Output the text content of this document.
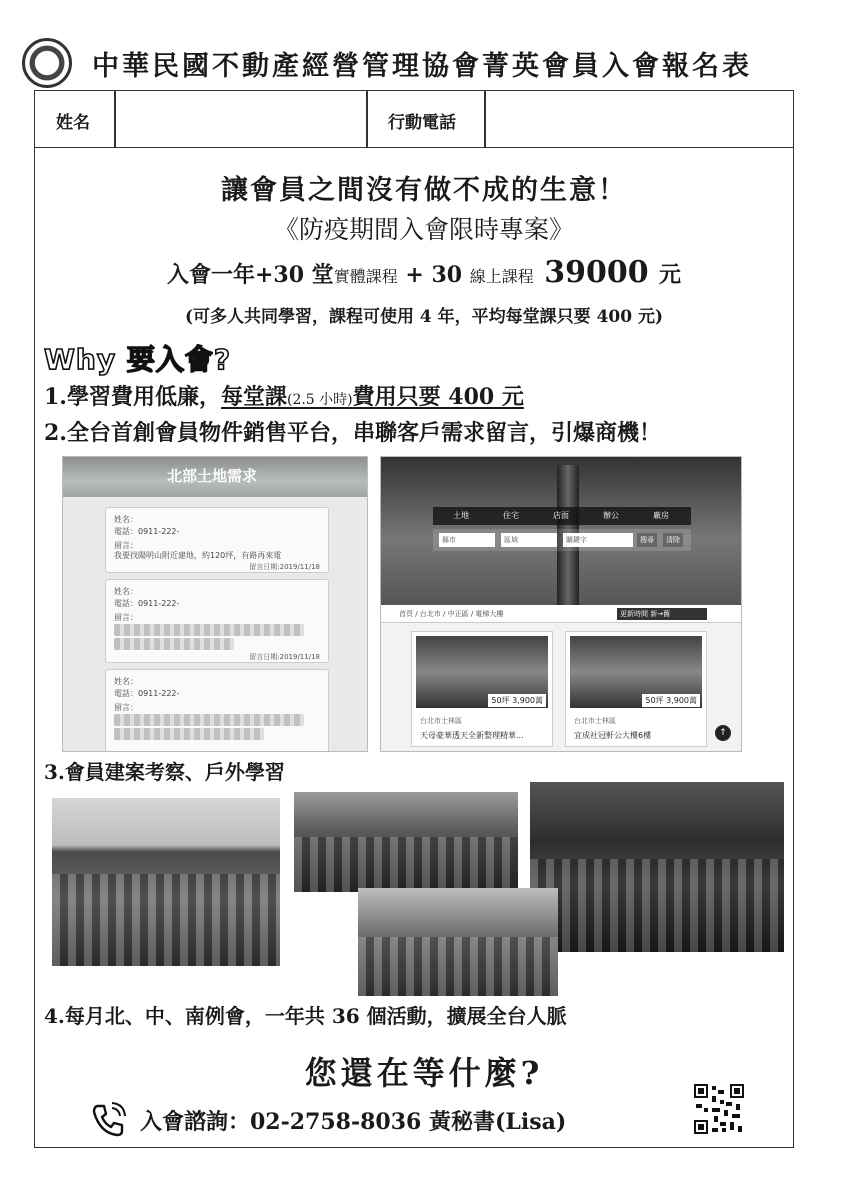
中華民國不動產經營管理協會菁英會員入會報名表
姓名	行動電話
讓會員之間沒有做不成的生意！
《防疫期間入會限時專案》
入會一年+30 堂實體課程 + 30 線上課程 39000 元
(可多人共同學習，課程可使用 4 年，平均每堂課只要 400 元)
Why 要入會?
1.學習費用低廉，每堂課(2.5 小時)費用只要 400 元
2.全台首創會員物件銷售平台，串聯客戶需求留言，引爆商機！
北部土地需求
姓名：
電話：0911-222-
留言：
我要找陽明山附近建地，約120坪，有路再來電
留言日期:2019/11/18
姓名：
電話：0911-222-
留言：
留言日期:2019/11/18
姓名：
電話：0911-222-
留言：
土地	住宅	店面	辦公	廠房
縣市	區域	關鍵字	搜尋	清除
首頁 / 台北市 / 中正區 / 電梯大樓	更新時間 新→舊
50坪 3,900萬
台北市士林區
天母豪華透天全新整理精華...
50坪 3,900萬
台北市士林區
宜成社冠軒公大樓6樓	↑
3.會員建案考察、戶外學習
4.每月北、中、南例會，一年共 36 個活動，擴展全台人脈
您還在等什麼?
入會諮詢：02-2758-8036 黃秘書(Lisa)
